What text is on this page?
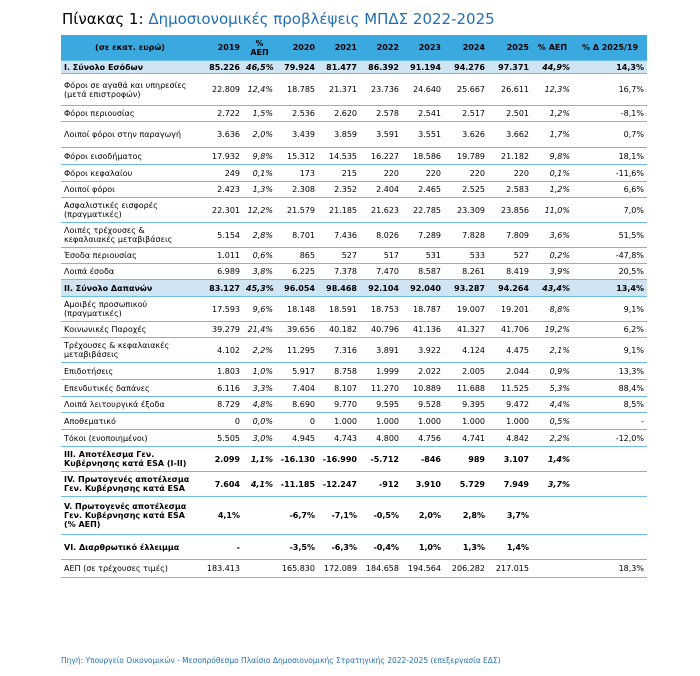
Πίνακας 1: Δημοσιονομικές προβλέψεις ΜΠΔΣ 2022-2025
(σε εκατ. ευρώ)	2019	% ΑΕΠ	2020	2021	2022	2023	2024	2025	% ΑΕΠ	% Δ 2025/19
I. Σύνολο Εσόδων	85.226	46,5%	79.924	81.477	86.392	91.194	94.276	97.371	44,9%	14,3%
Φόροι σε αγαθά και υπηρεσίες (μετά επιστροφών)	22.809	12,4%	18.785	21.371	23.736	24.640	25.667	26.611	12,3%	16,7%
Φόροι περιουσίας	2.722	1,5%	2.536	2.620	2.578	2.541	2.517	2.501	1,2%	-8,1%
Λοιποί φόροι στην παραγωγή	3.636	2,0%	3.439	3.859	3.591	3.551	3.626	3.662	1,7%	0,7%
Φόροι εισοδήματος	17.932	9,8%	15.312	14.535	16.227	18.586	19.789	21.182	9,8%	18,1%
Φόροι κεφαλαίου	249	0,1%	173	215	220	220	220	220	0,1%	-11,6%
Λοιποί φόροι	2.423	1,3%	2.308	2.352	2.404	2.465	2.525	2.583	1,2%	6,6%
Ασφαλιστικές εισφορές (πραγματικές)	22.301	12,2%	21.579	21.185	21.623	22.785	23.309	23.856	11,0%	7,0%
Λοιπές τρέχουσες & κεφαλαιακές μεταβιβάσεις	5.154	2,8%	8.701	7.436	8.026	7.289	7.828	7.809	3,6%	51,5%
Έσοδα περιουσίας	1.011	0,6%	865	527	517	531	533	527	0,2%	-47,8%
Λοιπά έσοδα	6.989	3,8%	6.225	7.378	7.470	8.587	8.261	8.419	3,9%	20,5%
II. Σύνολο Δαπανών	83.127	45,3%	96.054	98.468	92.104	92.040	93.287	94.264	43,4%	13,4%
Αμοιβές προσωπικού (πραγματικές)	17.593	9,6%	18.148	18.591	18.753	18.787	19.007	19.201	8,8%	9,1%
Κοινωνικές Παροχές	39.279	21,4%	39.656	40.182	40.796	41.136	41.327	41.706	19,2%	6,2%
Τρέχουσες & κεφαλαιακές μεταβιβάσεις	4.102	2,2%	11.295	7.316	3.891	3.922	4.124	4.475	2,1%	9,1%
Επιδοτήσεις	1.803	1,0%	5.917	8.758	1.999	2.022	2.005	2.044	0,9%	13,3%
Επενδυτικές δαπάνες	6.116	3,3%	7.404	8.107	11.270	10.889	11.688	11.525	5,3%	88,4%
Λοιπά λειτουργικά έξοδα	8.729	4,8%	8.690	9.770	9.595	9.528	9.395	9.472	4,4%	8,5%
Αποθεματικό	0	0,0%	0	1.000	1.000	1.000	1.000	1.000	0,5%	-
Τόκοι (ενοποιημένοι)	5.505	3,0%	4.945	4.743	4.800	4.756	4.741	4.842	2,2%	-12,0%
III. Αποτέλεσμα Γεν. Κυβέρνησης κατά ESA (I-II)	2.099	1,1%	-16.130	-16.990	-5.712	-846	989	3.107	1,4%	
IV. Πρωτογενές αποτέλεσμα Γεν. Κυβέρνησης κατά ESA	7.604	4,1%	-11.185	-12.247	-912	3.910	5.729	7.949	3,7%	
V. Πρωτογενές αποτέλεσμα Γεν. Κυβέρνησης κατά ESA (% ΑΕΠ)	4,1%		-6,7%	-7,1%	-0,5%	2,0%	2,8%	3,7%		
VI. Διαρθρωτικό έλλειμμα	-		-3,5%	-6,3%	-0,4%	1,0%	1,3%	1,4%		
ΑΕΠ (σε τρέχουσες τιμές)	183.413		165.830	172.089	184.658	194.564	206.282	217.015		18,3%
Πηγή: Υπουργείο Οικονομικών - Μεσοπρόθεσμο Πλαίσιο Δημοσιονομικής Στρατηγικής 2022-2025 (επεξεργασία ΕΔΣ)
